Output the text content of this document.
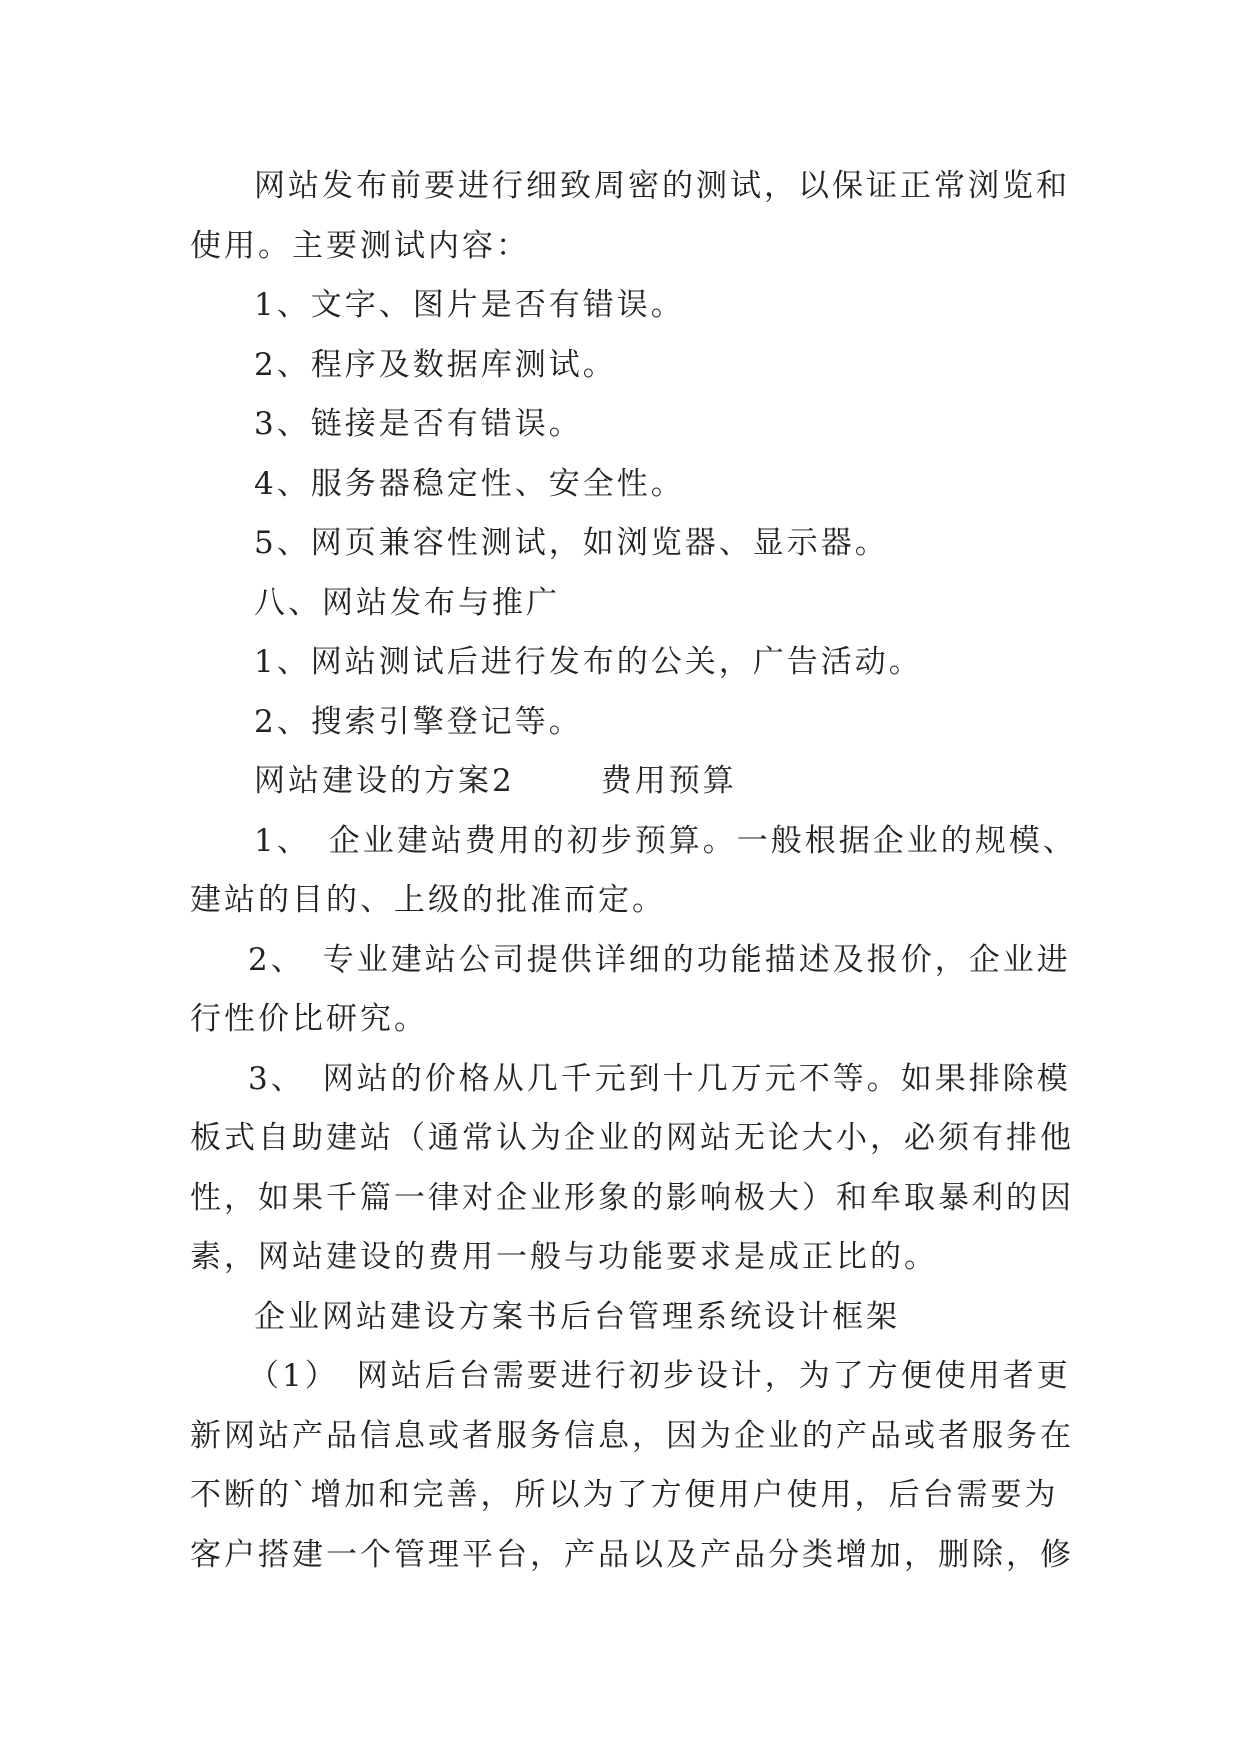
网站发布前要进行细致周密的测试，以保证正常浏览和
使用。主要测试内容：
1、文字、图片是否有错误。
2、程序及数据库测试。
3、链接是否有错误。
4、服务器稳定性、安全性。
5、网页兼容性测试，如浏览器、显示器。
八、网站发布与推广
1、网站测试后进行发布的公关，广告活动。
2、搜索引擎登记等。
网站建设的方案2	费用预算
1、 企业建站费用的初步预算。一般根据企业的规模、
建站的目的、上级的批准而定。
2、 专业建站公司提供详细的功能描述及报价，企业进
行性价比研究。
3、 网站的价格从几千元到十几万元不等。如果排除模
板式自助建站（通常认为企业的网站无论大小，必须有排他
性，如果千篇一律对企业形象的影响极大）和牟取暴利的因
素，网站建设的费用一般与功能要求是成正比的。
企业网站建设方案书后台管理系统设计框架
（1） 网站后台需要进行初步设计，为了方便使用者更
新网站产品信息或者服务信息，因为企业的产品或者服务在
不断的`增加和完善，所以为了方便用户使用，后台需要为
客户搭建一个管理平台，产品以及产品分类增加，删除，修
